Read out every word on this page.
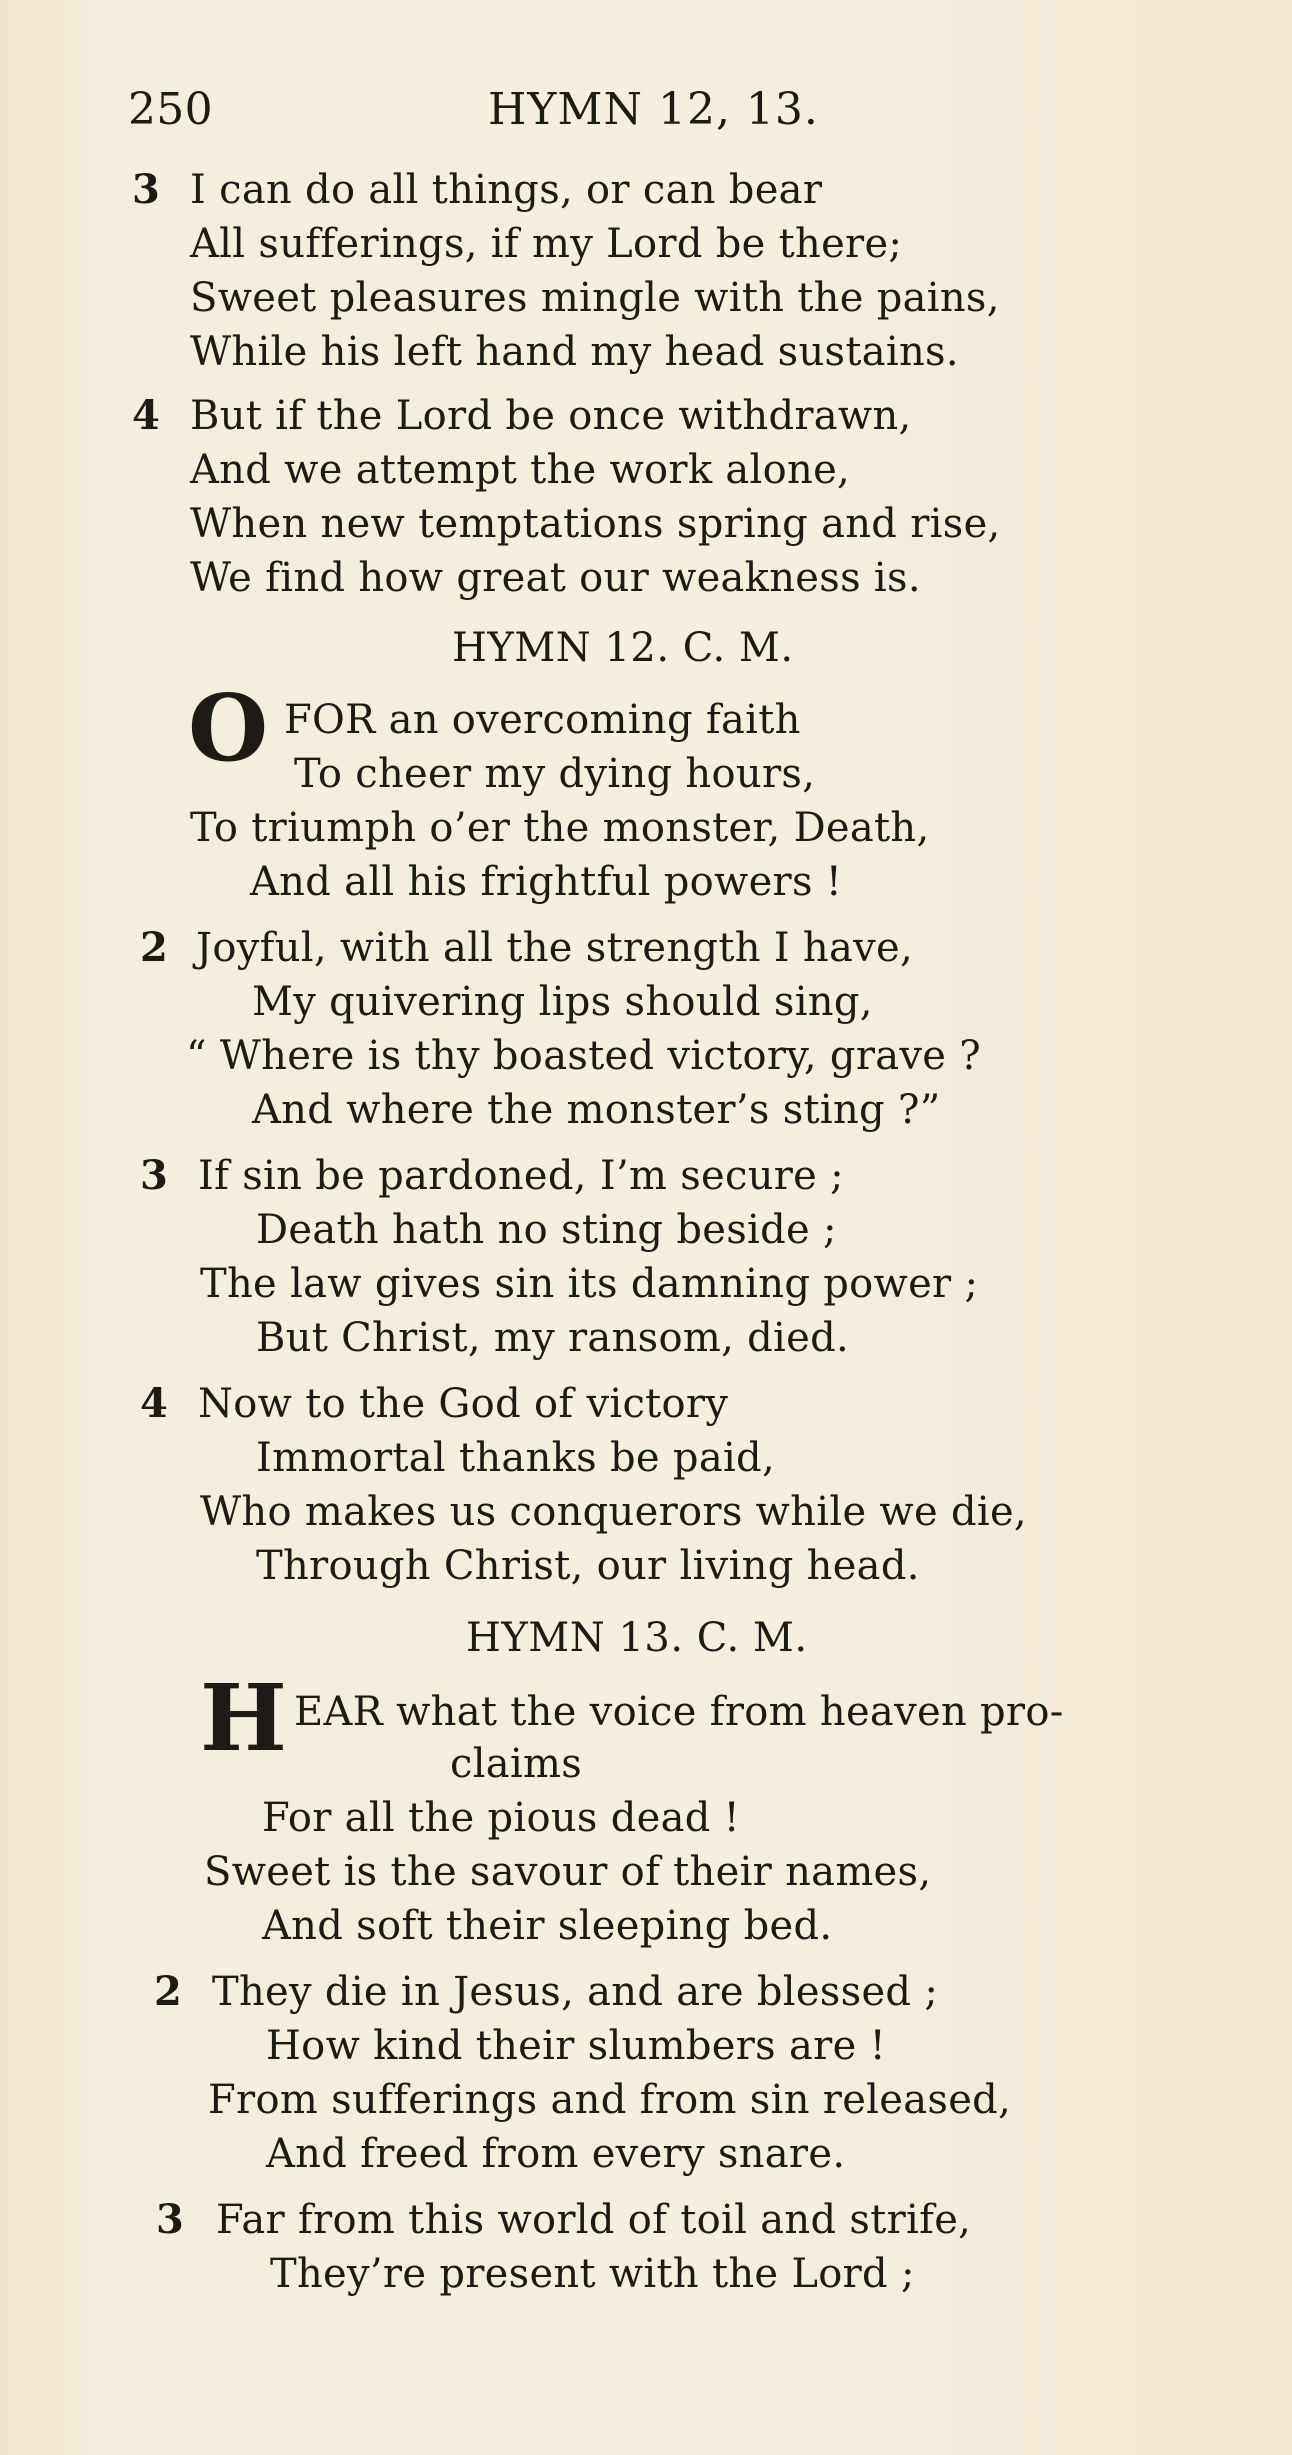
250	HYMN 12, 13.
3 I can do all things, or can bear
All sufferings, if my Lord be there;
Sweet pleasures mingle with the pains,
While his left hand my head sustains.
4 But if the Lord be once withdrawn,
And we attempt the work alone,
When new temptations spring and rise,
We find how great our weakness is.
HYMN 12. C. M.
O FOR an overcoming faith
To cheer my dying hours,
To triumph o’er the monster, Death,
And all his frightful powers !
2 Joyful, with all the strength I have,
My quivering lips should sing,
“ Where is thy boasted victory, grave ?
And where the monster’s sting ?”
3 If sin be pardoned, I’m secure ;
Death hath no sting beside ;
The law gives sin its damning power ;
But Christ, my ransom, died.
4 Now to the God of victory
Immortal thanks be paid,
Who makes us conquerors while we die,
Through Christ, our living head.
HYMN 13. C. M.
H EAR what the voice from heaven pro-
claims
For all the pious dead !
Sweet is the savour of their names,
And soft their sleeping bed.
2 They die in Jesus, and are blessed ;
How kind their slumbers are !
From sufferings and from sin released,
And freed from every snare.
3 Far from this world of toil and strife,
They’re present with the Lord ;
